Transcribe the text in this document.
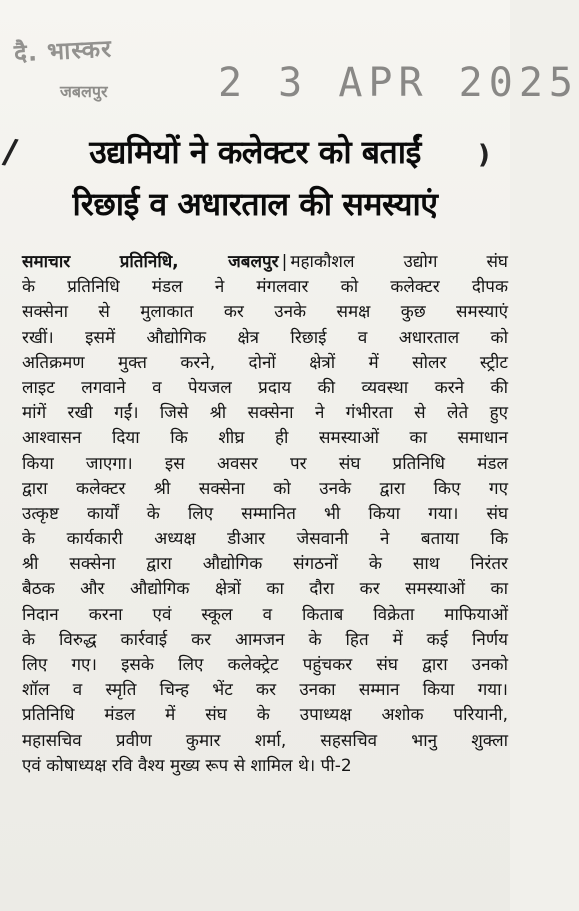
दै. भास्कर
जबलपुर	2 3 APR 2025
/	उद्यमियों ने कलेक्टर को बताईं	)
रिछाई व अधारताल की समस्याएं
समाचार प्रतिनिधि, जबलपुर | महाकौशल उद्योग संघ
के प्रतिनिधि मंडल ने मंगलवार को कलेक्टर दीपक
सक्सेना से मुलाकात कर उनके समक्ष कुछ समस्याएं
रखीं। इसमें औद्योगिक क्षेत्र रिछाई व अधारताल को
अतिक्रमण मुक्त करने, दोनों क्षेत्रों में सोलर स्ट्रीट
लाइट लगवाने व पेयजल प्रदाय की व्यवस्था करने की
मांगें रखी गईं। जिसे श्री सक्सेना ने गंभीरता से लेते हुए
आश्वासन दिया कि शीघ्र ही समस्याओं का समाधान
किया जाएगा। इस अवसर पर संघ प्रतिनिधि मंडल
द्वारा कलेक्टर श्री सक्सेना को उनके द्वारा किए गए
उत्कृष्ट कार्यों के लिए सम्मानित भी किया गया। संघ
के कार्यकारी अध्यक्ष डीआर जेसवानी ने बताया कि
श्री सक्सेना द्वारा औद्योगिक संगठनों के साथ निरंतर
बैठक और औद्योगिक क्षेत्रों का दौरा कर समस्याओं का
निदान करना एवं स्कूल व किताब विक्रेता माफियाओं
के विरुद्ध कार्रवाई कर आमजन के हित में कई निर्णय
लिए गए। इसके लिए कलेक्ट्रेट पहुंचकर संघ द्वारा उनको
शॉल व स्मृति चिन्ह भेंट कर उनका सम्मान किया गया।
प्रतिनिधि मंडल में संघ के उपाध्यक्ष अशोक परियानी,
महासचिव प्रवीण कुमार शर्मा, सहसचिव भानु शुक्ला
एवं कोषाध्यक्ष रवि वैश्य मुख्य रूप से शामिल थे। पी-2
